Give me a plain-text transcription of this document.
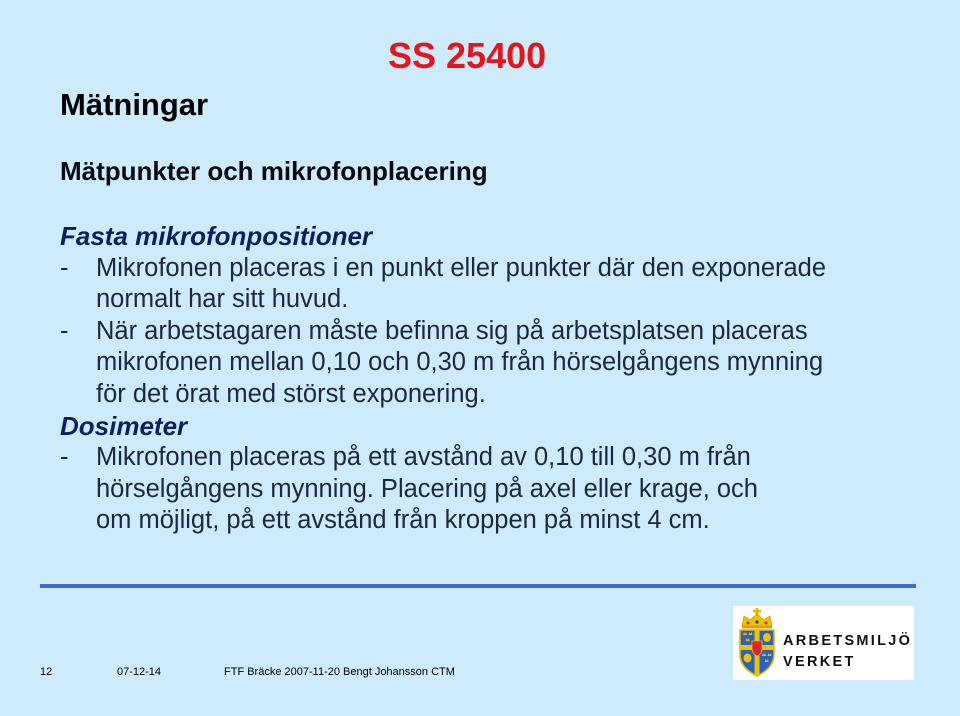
SS 25400
Mätningar
Mätpunkter och mikrofonplacering
Fasta mikrofonpositioner
-	Mikrofonen placeras i en punkt eller punkter där den exponerade
normalt har sitt huvud.
-	När arbetstagaren måste befinna sig på arbetsplatsen placeras
mikrofonen mellan 0,10 och 0,30 m från hörselgångens mynning
för det örat med störst exponering.
Dosimeter
-	Mikrofonen placeras på ett avstånd av 0,10 till 0,30 m från
hörselgångens mynning. Placering på axel eller krage, och
om möjligt, på ett avstånd från kroppen på minst 4 cm.
ARBETSMILJÖ
VERKET
12	07-12-14	FTF Bräcke 2007-11-20 Bengt Johansson CTM
